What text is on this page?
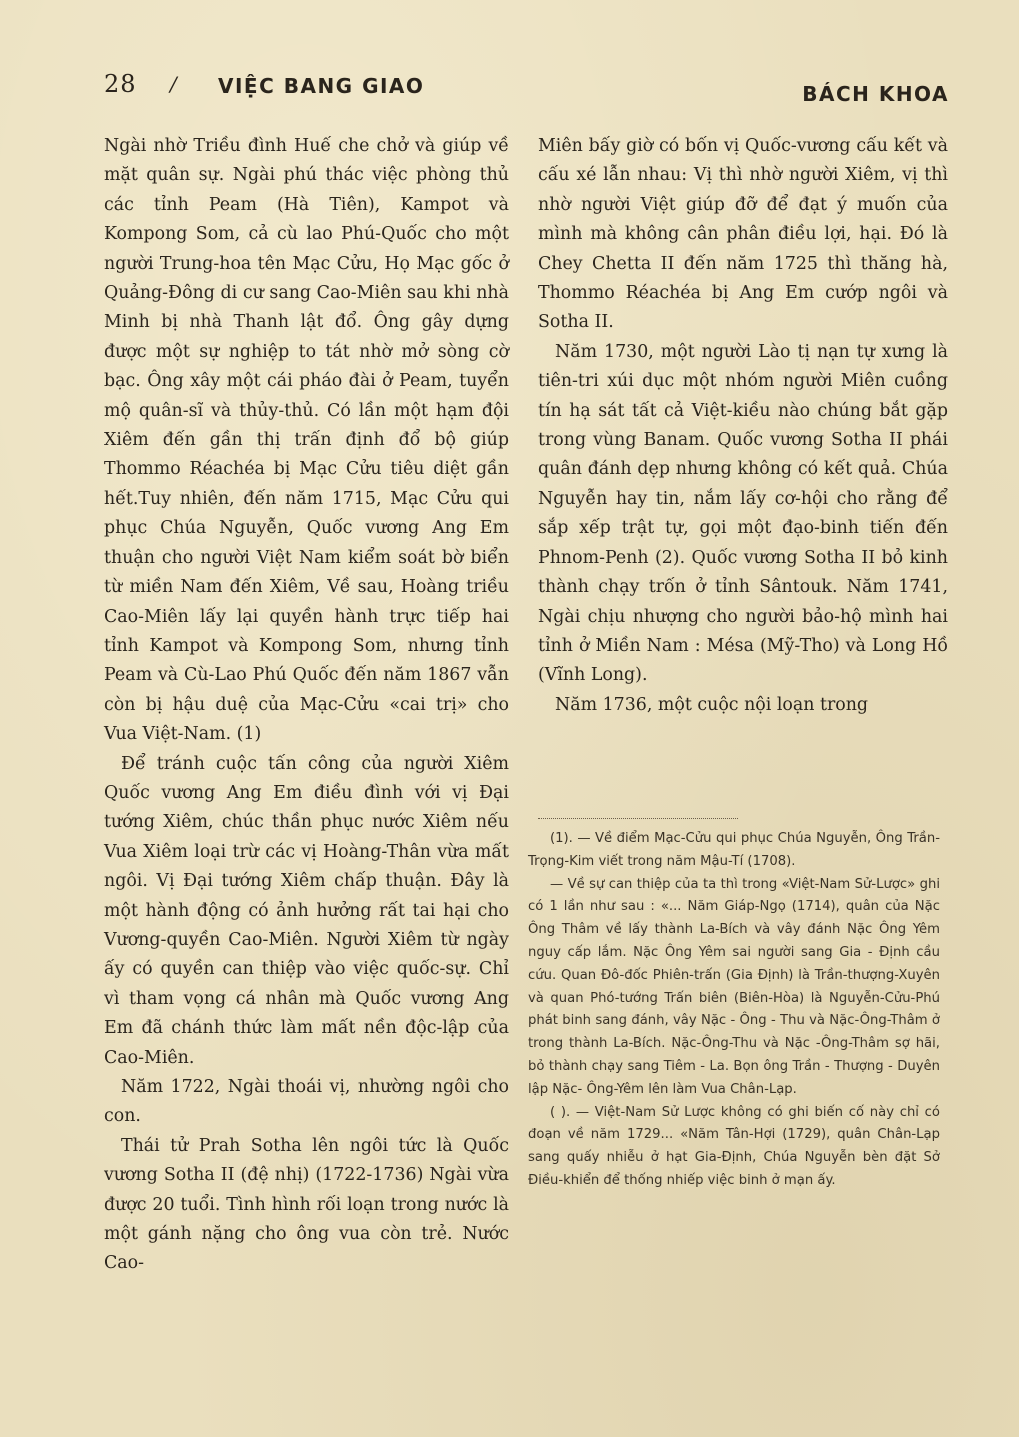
28 / VIỆC BANG GIAO	BÁCH KHOA

Ngài nhờ Triều đình Huế che chở và giúp về mặt quân sự. Ngài phú thác việc phòng thủ các tỉnh Peam (Hà Tiên), Kampot và Kompong Som, cả cù lao Phú-Quốc cho một người Trung-hoa tên Mạc Cửu, Họ Mạc gốc ở Quảng-Đông di cư sang Cao-Miên sau khi nhà Minh bị nhà Thanh lật đổ. Ông gây dựng được một sự nghiệp to tát nhờ mở sòng cờ bạc. Ông xây một cái pháo đài ở Peam, tuyển mộ quân-sĩ và thủy-thủ. Có lần một hạm đội Xiêm đến gần thị trấn định đổ bộ giúp Thommo Réachéa bị Mạc Cửu tiêu diệt gần hết.Tuy nhiên, đến năm 1715, Mạc Cửu qui phục Chúa Nguyễn, Quốc vương Ang Em thuận cho người Việt Nam kiểm soát bờ biển từ miền Nam đến Xiêm, Về sau, Hoàng triều Cao-Miên lấy lại quyền hành trực tiếp hai tỉnh Kampot và Kompong Som, nhưng tỉnh Peam và Cù-Lao Phú Quốc đến năm 1867 vẫn còn bị hậu duệ của Mạc-Cửu «cai trị» cho Vua Việt-Nam. (1)

Để tránh cuộc tấn công của người Xiêm Quốc vương Ang Em điều đình với vị Đại tướng Xiêm, chúc thần phục nước Xiêm nếu Vua Xiêm loại trừ các vị Hoàng-Thân vừa mất ngôi. Vị Đại tướng Xiêm chấp thuận. Đây là một hành động có ảnh hưởng rất tai hại cho Vương-quyền Cao-Miên. Người Xiêm từ ngày ấy có quyền can thiệp vào việc quốc-sự. Chỉ vì tham vọng cá nhân mà Quốc vương Ang Em đã chánh thức làm mất nền độc-lập của Cao-Miên.

Năm 1722, Ngài thoái vị, nhường ngôi cho con.

Thái tử Prah Sotha lên ngôi tức là Quốc vương Sotha II (đệ nhị) (1722-1736) Ngài vừa được 20 tuổi. Tình hình rối loạn trong nước là một gánh nặng cho ông vua còn trẻ. Nước Cao-

Miên bấy giờ có bốn vị Quốc-vương cấu kết và cấu xé lẫn nhau: Vị thì nhờ người Xiêm, vị thì nhờ người Việt giúp đỡ để đạt ý muốn của mình mà không cân phân điều lợi, hại. Đó là Chey Chetta II đến năm 1725 thì thăng hà, Thommo Réachéa bị Ang Em cướp ngôi và Sotha II.

Năm 1730, một người Lào tị nạn tự xưng là tiên-tri xúi dục một nhóm người Miên cuồng tín hạ sát tất cả Việt-kiều nào chúng bắt gặp trong vùng Banam. Quốc vương Sotha II phái quân đánh dẹp nhưng không có kết quả. Chúa Nguyễn hay tin, nắm lấy cơ-hội cho rằng để sắp xếp trật tự, gọi một đạo-binh tiến đến Phnom-Penh (2). Quốc vương Sotha II bỏ kinh thành chạy trốn ở tỉnh Sântouk. Năm 1741, Ngài chịu nhượng cho người bảo-hộ mình hai tỉnh ở Miền Nam : Mésa (Mỹ-Tho) và Long Hồ (Vĩnh Long).

Năm 1736, một cuộc nội loạn trong

(1). — Về điểm Mạc-Cửu qui phục Chúa Nguyễn, Ông Trần-Trọng-Kim viết trong năm Mậu-Tí (1708).

— Về sự can thiệp của ta thì trong «Việt-Nam Sử-Lược» ghi có 1 lần như sau : «... Năm Giáp-Ngọ (1714), quân của Nặc Ông Thâm về lấy thành La-Bích và vây đánh Nặc Ông Yêm nguy cấp lắm. Nặc Ông Yêm sai người sang Gia - Định cầu cứu. Quan Đô-đốc Phiên-trấn (Gia Định) là Trần-thượng-Xuyên và quan Phó-tướng Trấn biên (Biên-Hòa) là Nguyễn-Cửu-Phú phát binh sang đánh, vây Nặc - Ông - Thu và Nặc-Ông-Thâm ở trong thành La-Bích. Nặc-Ông-Thu và Nặc -Ông-Thâm sợ hãi, bỏ thành chạy sang Tiêm - La. Bọn ông Trần - Thượng - Duyên lập Nặc- Ông-Yêm lên làm Vua Chân-Lạp.

( ). — Việt-Nam Sử Lược không có ghi biến cố này chỉ có đoạn về năm 1729... «Năm Tân-Hợi (1729), quân Chân-Lạp sang quấy nhiễu ở hạt Gia-Định, Chúa Nguyễn bèn đặt Sở Điều-khiển để thống nhiếp việc binh ở mạn ấy.
